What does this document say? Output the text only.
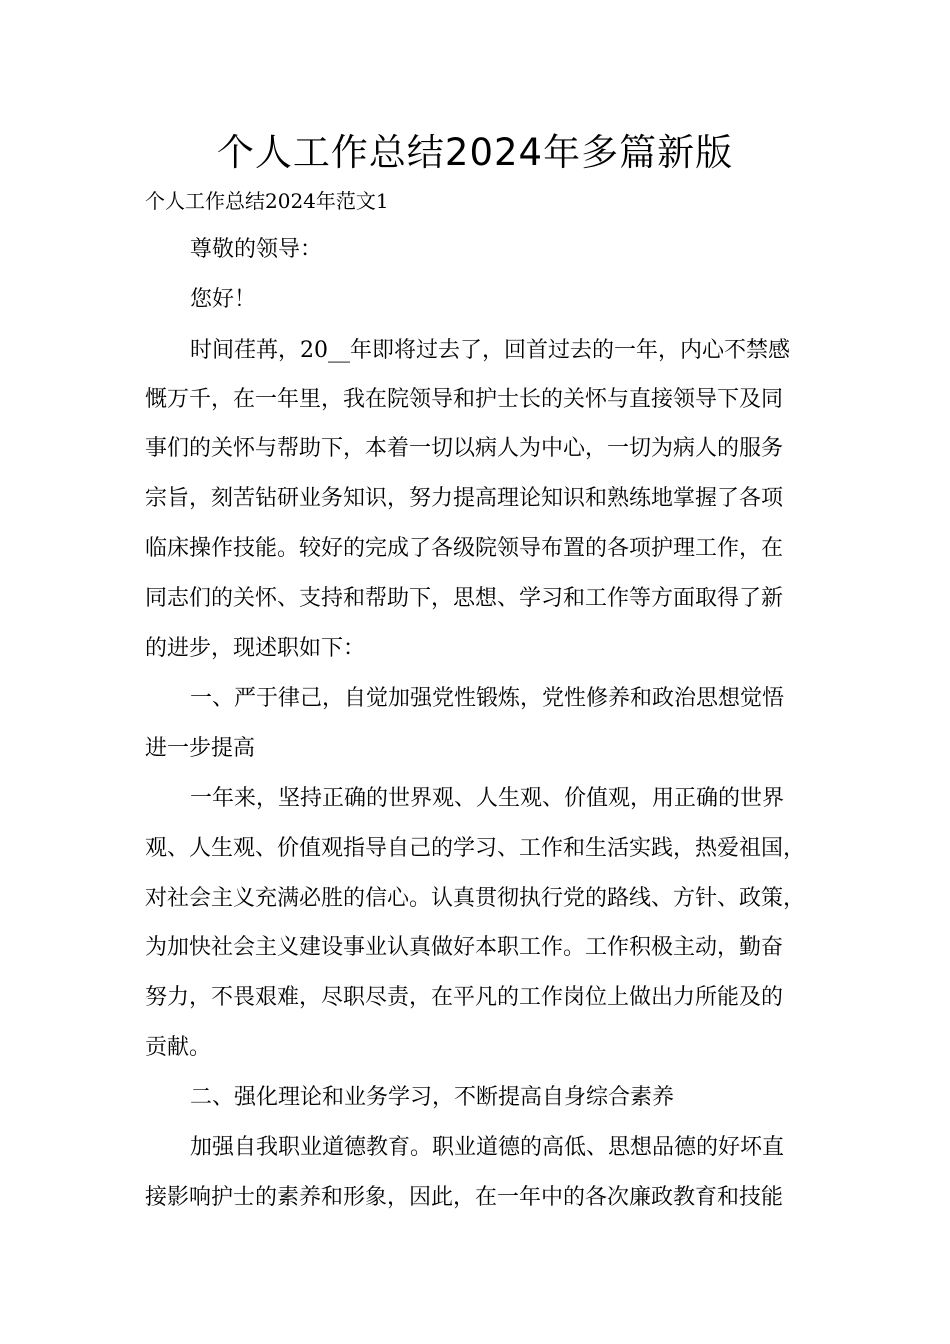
个人工作总结2024年多篇新版

个人工作总结2024年范文1

尊敬的领导：

您好！

时间荏苒，20__年即将过去了，回首过去的一年，内心不禁感

慨万千，在一年里，我在院领导和护士长的关怀与直接领导下及同

事们的关怀与帮助下，本着一切以病人为中心，一切为病人的服务

宗旨，刻苦钻研业务知识，努力提高理论知识和熟练地掌握了各项

临床操作技能。较好的完成了各级院领导布置的各项护理工作，在

同志们的关怀、支持和帮助下，思想、学习和工作等方面取得了新

的进步，现述职如下：

一、严于律己，自觉加强党性锻炼，党性修养和政治思想觉悟

进一步提高

一年来，坚持正确的世界观、人生观、价值观，用正确的世界

观、人生观、价值观指导自己的学习、工作和生活实践，热爱祖国，

对社会主义充满必胜的信心。认真贯彻执行党的路线、方针、政策，

为加快社会主义建设事业认真做好本职工作。工作积极主动，勤奋

努力，不畏艰难，尽职尽责，在平凡的工作岗位上做出力所能及的

贡献。

二、强化理论和业务学习，不断提高自身综合素养

加强自我职业道德教育。职业道德的高低、思想品德的好坏直

接影响护士的素养和形象，因此，在一年中的各次廉政教育和技能
